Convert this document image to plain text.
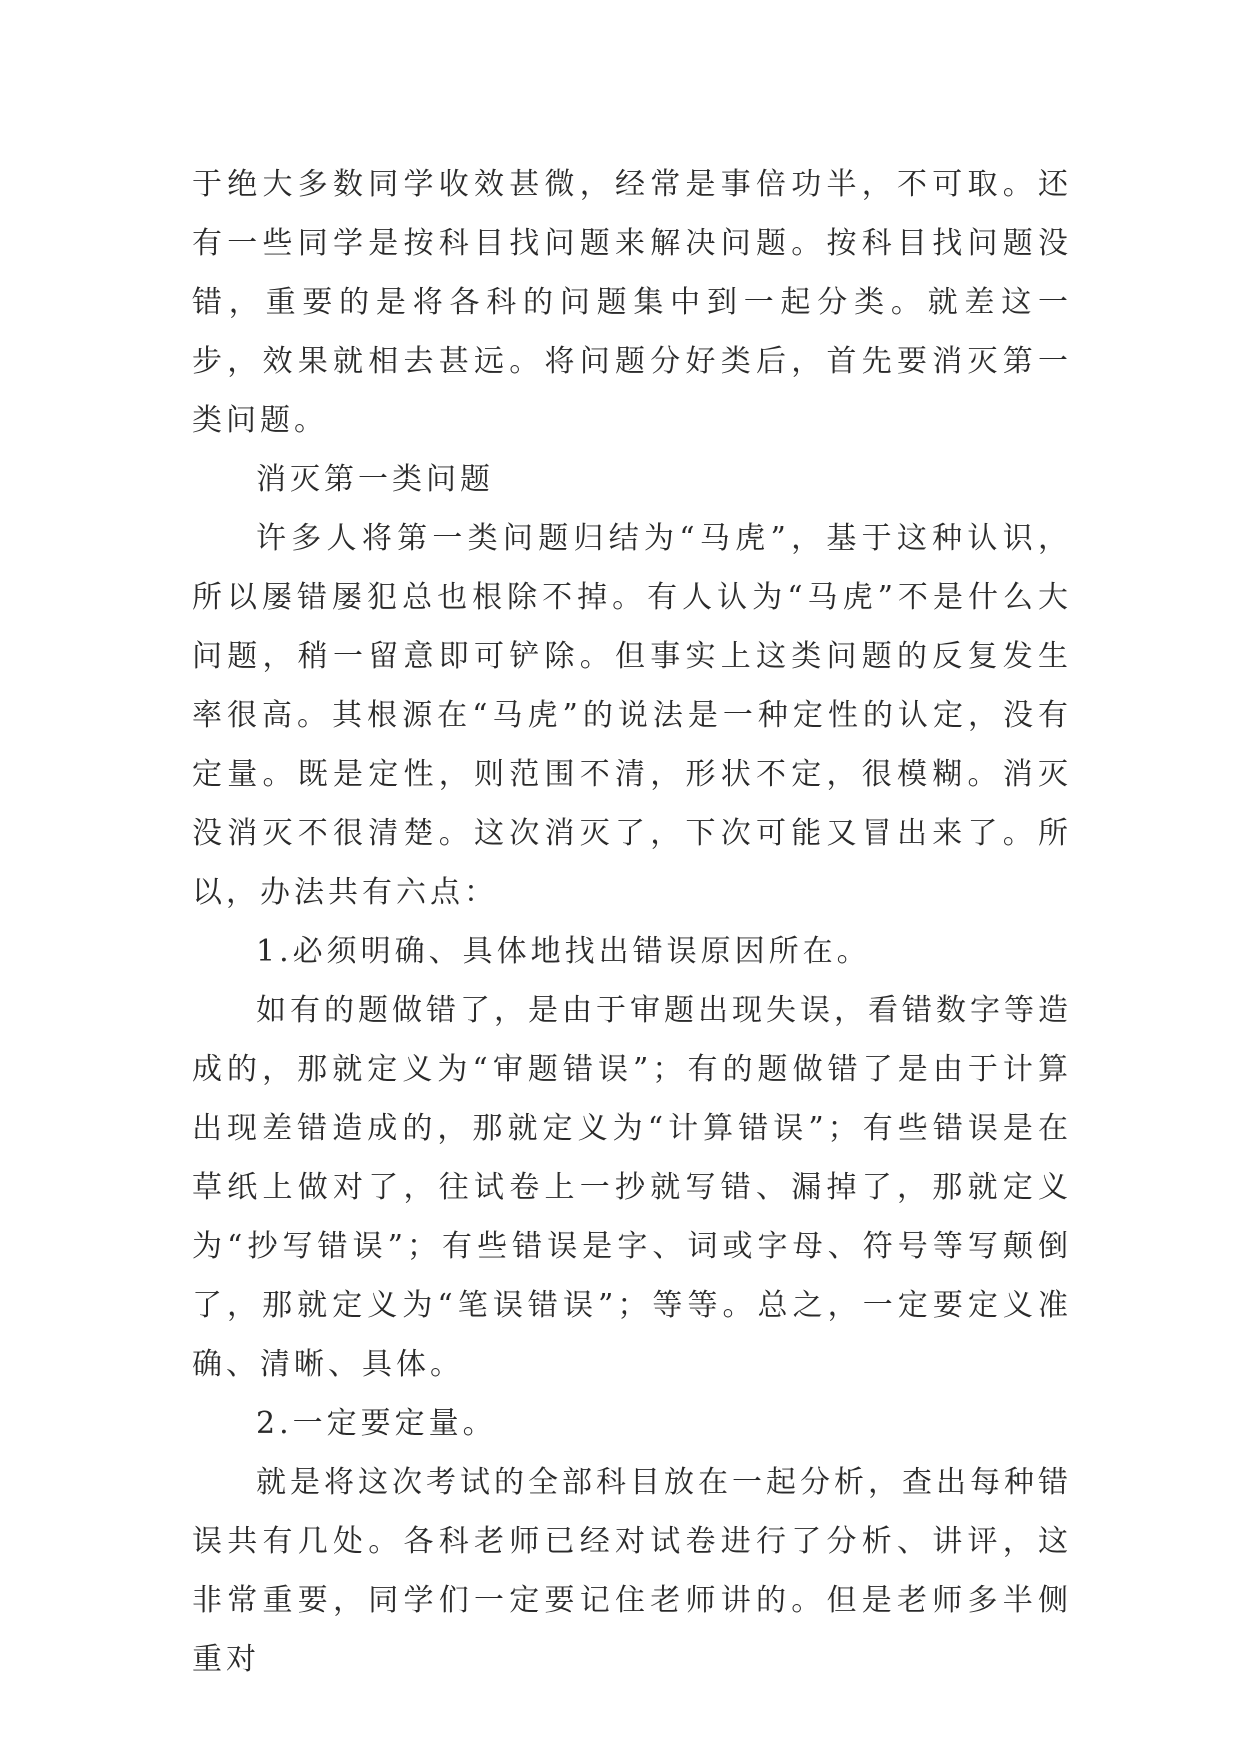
于绝大多数同学收效甚微，经常是事倍功半，不可取。还有一些同学是按科目找问题来解决问题。按科目找问题没错，重要的是将各科的问题集中到一起分类。就差这一步，效果就相去甚远。将问题分好类后，首先要消灭第一类问题。

消灭第一类问题

许多人将第一类问题归结为“马虎”，基于这种认识，所以屡错屡犯总也根除不掉。有人认为“马虎”不是什么大问题，稍一留意即可铲除。但事实上这类问题的反复发生率很高。其根源在“马虎”的说法是一种定性的认定，没有定量。既是定性，则范围不清，形状不定，很模糊。消灭没消灭不很清楚。这次消灭了，下次可能又冒出来了。所以，办法共有六点：

1.必须明确、具体地找出错误原因所在。

如有的题做错了，是由于审题出现失误，看错数字等造成的，那就定义为“审题错误”；有的题做错了是由于计算出现差错造成的，那就定义为“计算错误”；有些错误是在草纸上做对了，往试卷上一抄就写错、漏掉了，那就定义为“抄写错误”；有些错误是字、词或字母、符号等写颠倒了，那就定义为“笔误错误”；等等。总之，一定要定义准确、清晰、具体。

2.一定要定量。

就是将这次考试的全部科目放在一起分析，查出每种错误共有几处。各科老师已经对试卷进行了分析、讲评，这非常重要，同学们一定要记住老师讲的。但是老师多半侧重对
